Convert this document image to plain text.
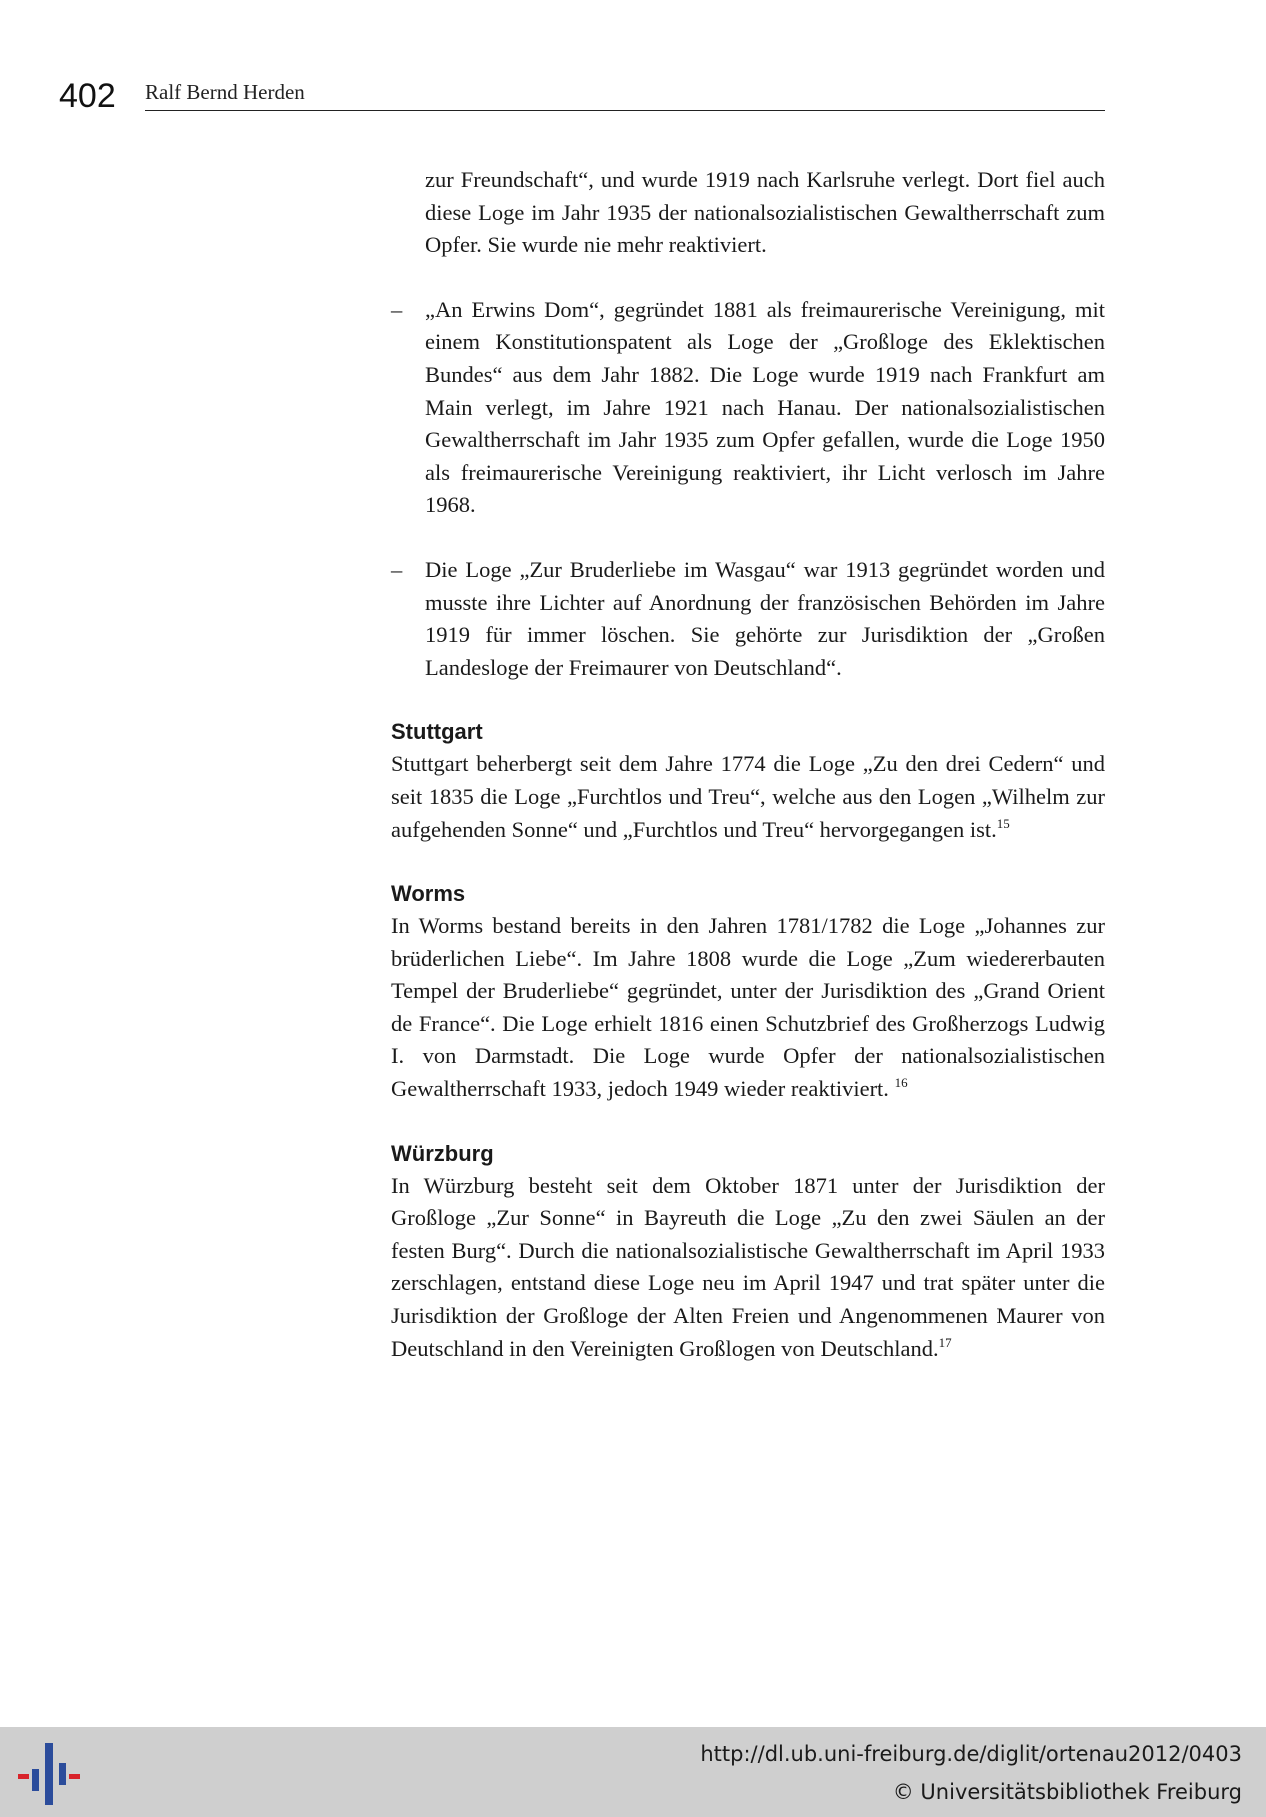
402 Ralf Bernd Herden

zur Freundschaft“, und wurde 1919 nach Karlsruhe verlegt. Dort fiel auch diese Loge im Jahr 1935 der nationalsozialistischen Gewaltherrschaft zum Opfer. Sie wurde nie mehr reaktiviert.

– „An Erwins Dom“, gegründet 1881 als freimaurerische Vereinigung, mit einem Konstitutionspatent als Loge der „Großloge des Eklektischen Bundes“ aus dem Jahr 1882. Die Loge wurde 1919 nach Frankfurt am Main verlegt, im Jahre 1921 nach Hanau. Der nationalsozialistischen Gewaltherrschaft im Jahr 1935 zum Opfer gefallen, wurde die Loge 1950 als freimaurerische Vereinigung reaktiviert, ihr Licht verlosch im Jahre 1968.

– Die Loge „Zur Bruderliebe im Wasgau“ war 1913 gegründet worden und musste ihre Lichter auf Anordnung der französischen Behörden im Jahre 1919 für immer löschen. Sie gehörte zur Jurisdiktion der „Großen Landesloge der Freimaurer von Deutschland“.

Stuttgart

Stuttgart beherbergt seit dem Jahre 1774 die Loge „Zu den drei Cedern“ und seit 1835 die Loge „Furchtlos und Treu“, welche aus den Logen „Wilhelm zur aufgehenden Sonne“ und „Furchtlos und Treu“ hervorgegangen ist.$^{15}$

Worms

In Worms bestand bereits in den Jahren 1781/1782 die Loge „Johannes zur brüderlichen Liebe“. Im Jahre 1808 wurde die Loge „Zum wiedererbauten Tempel der Bruderliebe“ gegründet, unter der Jurisdiktion des „Grand Orient de France“. Die Loge erhielt 1816 einen Schutzbrief des Großherzogs Ludwig I. von Darmstadt. Die Loge wurde Opfer der nationalsozialistischen Gewaltherrschaft 1933, jedoch 1949 wieder reaktiviert. $^{16}$

Würzburg

In Würzburg besteht seit dem Oktober 1871 unter der Jurisdiktion der Großloge „Zur Sonne“ in Bayreuth die Loge „Zu den zwei Säulen an der festen Burg“. Durch die nationalsozialistische Gewaltherrschaft im April 1933 zerschlagen, entstand diese Loge neu im April 1947 und trat später unter die Jurisdiktion der Großloge der Alten Freien und Angenommenen Maurer von Deutschland in den Vereinigten Großlogen von Deutschland.$^{17}$

http://dl.ub.uni-freiburg.de/diglit/ortenau2012/0403
© Universitätsbibliothek Freiburg
